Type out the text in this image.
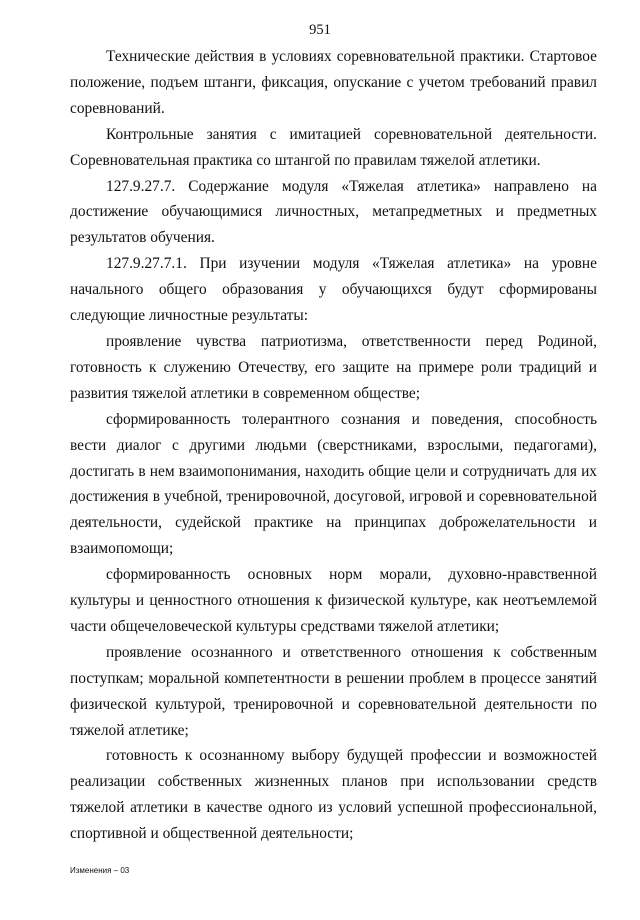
951

Технические действия в условиях соревновательной практики. Стартовое положение, подъем штанги, фиксация, опускание с учетом требований правил соревнований.

Контрольные занятия с имитацией соревновательной деятельности. Соревновательная практика со штангой по правилам тяжелой атлетики.

127.9.27.7. Содержание модуля «Тяжелая атлетика» направлено на достижение обучающимися личностных, метапредметных и предметных результатов обучения.

127.9.27.7.1. При изучении модуля «Тяжелая атлетика» на уровне начального общего образования у обучающихся будут сформированы следующие личностные результаты:

проявление чувства патриотизма, ответственности перед Родиной, готовность к служению Отечеству, его защите на примере роли традиций и развития тяжелой атлетики в современном обществе;

сформированность толерантного сознания и поведения, способность вести диалог с другими людьми (сверстниками, взрослыми, педагогами), достигать в нем взаимопонимания, находить общие цели и сотрудничать для их достижения в учебной, тренировочной, досуговой, игровой и соревновательной деятельности, судейской практике на принципах доброжелательности и взаимопомощи;

сформированность основных норм морали, духовно-нравственной культуры и ценностного отношения к физической культуре, как неотъемлемой части общечеловеческой культуры средствами тяжелой атлетики;

проявление осознанного и ответственного отношения к собственным поступкам; моральной компетентности в решении проблем в процессе занятий физической культурой, тренировочной и соревновательной деятельности по тяжелой атлетике;

готовность к осознанному выбору будущей профессии и возможностей реализации собственных жизненных планов при использовании средств тяжелой атлетики в качестве одного из условий успешной профессиональной, спортивной и общественной деятельности;

Изменения – 03
